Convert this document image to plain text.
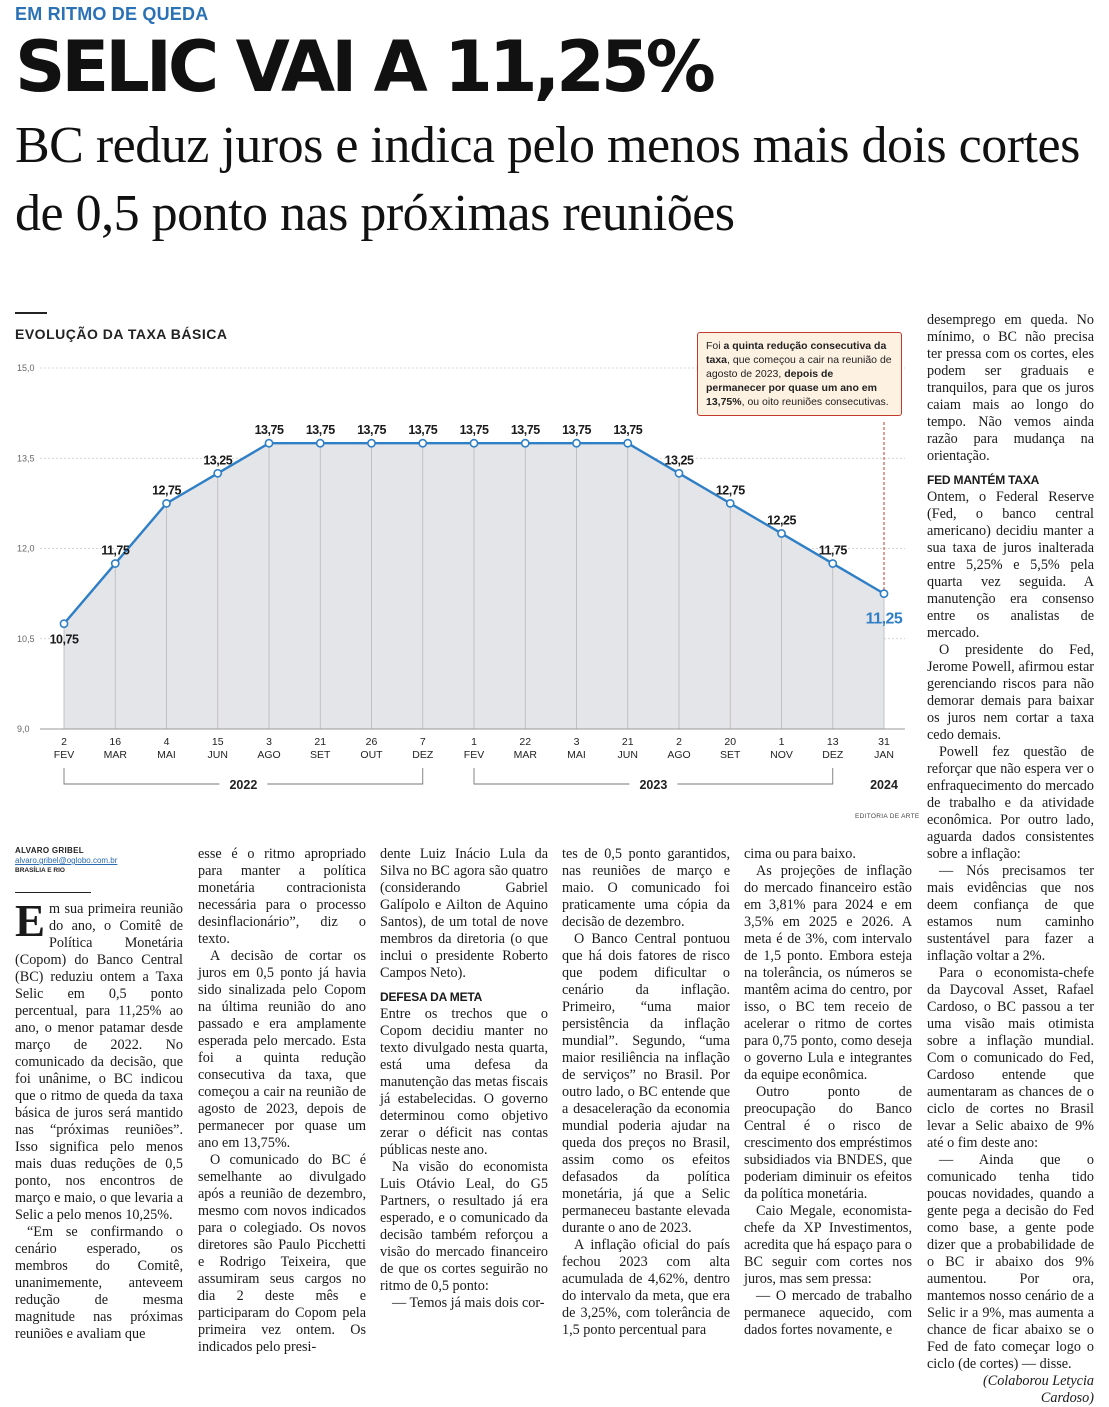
EM RITMO DE QUEDA
SELIC VAI A 11,25%
BC reduz juros e indica pelo menos mais dois cortes de 0,5 ponto nas próximas reuniões
EVOLUÇÃO DA TAXA BÁSICA
15,0
13,5
12,0
10,5
9,0
10,75
11,75
12,75
13,25
13,75 13,75 13,75 13,75 13,75 13,75 13,75 13,75
13,25
12,75
12,25
11,75
11,25
2
FEV
16
MAR
4
MAI
15
JUN
3
AGO
21
SET
26
OUT
7
DEZ
1
FEV
22
MAR
3
MAI
21
JUN
2
AGO
20
SET
1
NOV
13
DEZ
31
JAN
2022	2023	2024
Foi a quinta redução consecutiva da taxa, que começou a cair na reunião de agosto de 2023, depois de permanecer por quase um ano em 13,75%, ou oito reuniões consecutivas.
EDITORIA DE ARTE
ALVARO GRIBEL
alvaro.gribel@oglobo.com.br
BRASÍLIA E RIO

Em sua primeira reunião do ano, o Comitê de Política Monetária (Copom) do Banco Central (BC) reduziu ontem a Taxa Selic em 0,5 ponto percentual, para 11,25% ao ano, o menor patamar desde março de 2022. No comunicado da decisão, que foi unânime, o BC indicou que o ritmo de queda da taxa básica de juros será mantido nas “próximas reuniões”. Isso significa pelo menos mais duas reduções de 0,5 ponto, nos encontros de março e maio, o que levaria a Selic a pelo menos 10,25%.

“Em se confirmando o cenário esperado, os membros do Comitê, unanimemente, anteveem redução de mesma magnitude nas próximas reuniões e avaliam que

esse é o ritmo apropriado para manter a política monetária contracionista necessária para o processo desinflacionário”, diz o texto.

A decisão de cortar os juros em 0,5 ponto já havia sido sinalizada pelo Copom na última reunião do ano passado e era amplamente esperada pelo mercado. Esta foi a quinta redução consecutiva da taxa, que começou a cair na reunião de agosto de 2023, depois de permanecer por quase um ano em 13,75%.

O comunicado do BC é semelhante ao divulgado após a reunião de dezembro, mesmo com novos indicados para o colegiado. Os novos diretores são Paulo Picchetti e Rodrigo Teixeira, que assumiram seus cargos no dia 2 deste mês e participaram do Copom pela primeira vez ontem. Os indicados pelo presi-

dente Luiz Inácio Lula da Silva no BC agora são quatro (considerando Gabriel Galípolo e Ailton de Aquino Santos), de um total de nove membros da diretoria (o que inclui o presidente Roberto Campos Neto).

DEFESA DA META

Entre os trechos que o Copom decidiu manter no texto divulgado nesta quarta, está uma defesa da manutenção das metas fiscais já estabelecidas. O governo determinou como objetivo zerar o déficit nas contas públicas neste ano.

Na visão do economista Luis Otávio Leal, do G5 Partners, o resultado já era esperado, e o comunicado da decisão também reforçou a visão do mercado financeiro de que os cortes seguirão no ritmo de 0,5 ponto:

— Temos já mais dois cor-

tes de 0,5 ponto garantidos, nas reuniões de março e maio. O comunicado foi praticamente uma cópia da decisão de dezembro.

O Banco Central pontuou que há dois fatores de risco que podem dificultar o cenário da inflação. Primeiro, “uma maior persistência da inflação mundial”. Segundo, “uma maior resiliência na inflação de serviços” no Brasil. Por outro lado, o BC entende que a desaceleração da economia mundial poderia ajudar na queda dos preços no Brasil, assim como os efeitos defasados da política monetária, já que a Selic permaneceu bastante elevada durante o ano de 2023.

A inflação oficial do país fechou 2023 com alta acumulada de 4,62%, dentro do intervalo da meta, que era de 3,25%, com tolerância de 1,5 ponto percentual para

cima ou para baixo.

As projeções de inflação do mercado financeiro estão em 3,81% para 2024 e em 3,5% em 2025 e 2026. A meta é de 3%, com intervalo de 1,5 ponto. Embora esteja na tolerância, os números se mantêm acima do centro, por isso, o BC tem receio de acelerar o ritmo de cortes para 0,75 ponto, como deseja o governo Lula e integrantes da equipe econômica.

Outro ponto de preocupação do Banco Central é o risco de crescimento dos empréstimos subsidiados via BNDES, que poderiam diminuir os efeitos da política monetária.

Caio Megale, economista-chefe da XP Investimentos, acredita que há espaço para o BC seguir com cortes nos juros, mas sem pressa:

— O mercado de trabalho permanece aquecido, com dados fortes novamente, e

desemprego em queda. No mínimo, o BC não precisa ter pressa com os cortes, eles podem ser graduais e tranquilos, para que os juros caiam mais ao longo do tempo. Não vemos ainda razão para mudança na orientação.

FED MANTÉM TAXA

Ontem, o Federal Reserve (Fed, o banco central americano) decidiu manter a sua taxa de juros inalterada entre 5,25% e 5,5% pela quarta vez seguida. A manutenção era consenso entre os analistas de mercado.

O presidente do Fed, Jerome Powell, afirmou estar gerenciando riscos para não demorar demais para baixar os juros nem cortar a taxa cedo demais.

Powell fez questão de reforçar que não espera ver o enfraquecimento do mercado de trabalho e da atividade econômica. Por outro lado, aguarda dados consistentes sobre a inflação:

— Nós precisamos ter mais evidências que nos deem confiança de que estamos num caminho sustentável para fazer a inflação voltar a 2%.

Para o economista-chefe da Daycoval Asset, Rafael Cardoso, o BC passou a ter uma visão mais otimista sobre a inflação mundial. Com o comunicado do Fed, Cardoso entende que aumentaram as chances de o ciclo de cortes no Brasil levar a Selic abaixo de 9% até o fim deste ano:

— Ainda que o comunicado tenha tido poucas novidades, quando a gente pega a decisão do Fed como base, a gente pode dizer que a probabilidade de o BC ir abaixo dos 9% aumentou. Por ora, mantemos nosso cenário de a Selic ir a 9%, mas aumenta a chance de ficar abaixo se o Fed de fato começar logo o ciclo (de cortes) — disse.

(Colaborou Letycia Cardoso)
